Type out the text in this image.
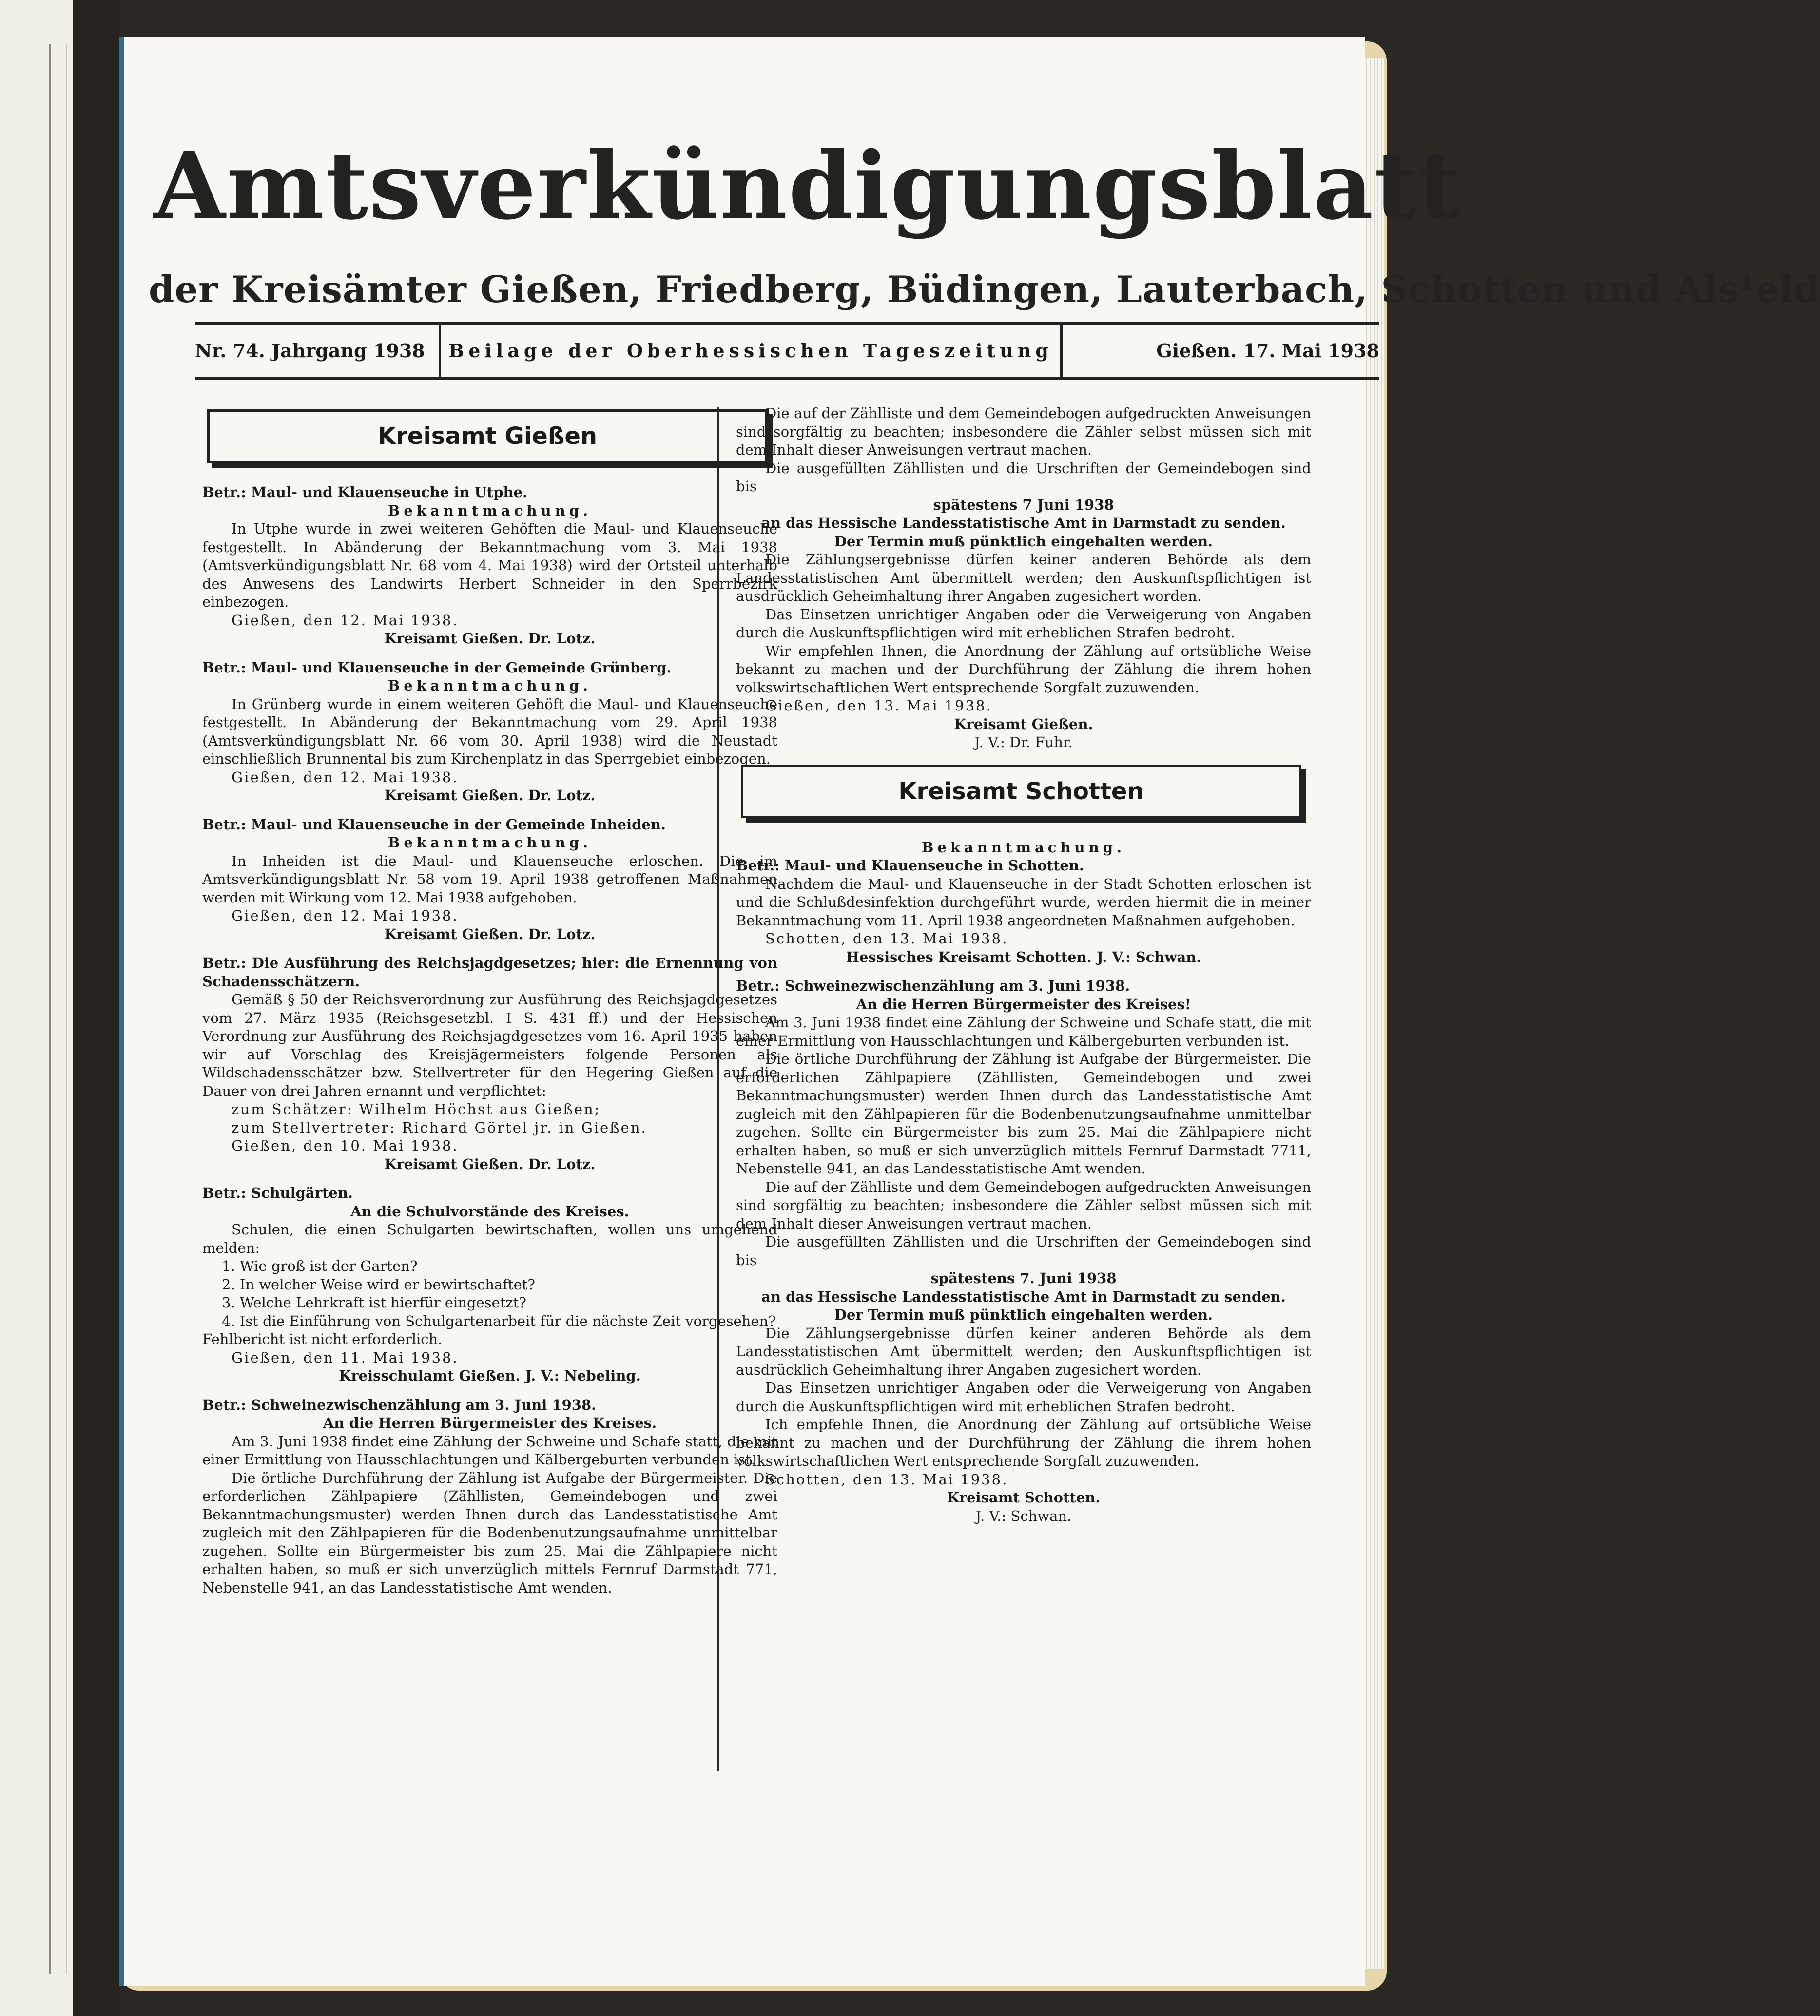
Amtsverkündigungsblatt
der Kreisämter Gießen, Friedberg, Büdingen, Lauterbach, Schotten und Als¹eld
Nr. 74. Jahrgang 1938	Beilage der Oberhessischen Tageszeitung	Gießen. 17. Mai 1938
Kreisamt Gießen

Betr.: Maul- und Klauenseuche in Utphe.

Bekanntmachung.

In Utphe wurde in zwei weiteren Gehöften die Maul- und Klauenseuche festgestellt. In Abänderung der Bekanntmachung vom 3. Mai 1938 (Amtsverkündigungsblatt Nr. 68 vom 4. Mai 1938) wird der Ortsteil unterhalb des Anwesens des Landwirts Herbert Schneider in den Sperrbezirk einbezogen.

Gießen, den 12. Mai 1938.

Kreisamt Gießen. Dr. Lotz.

Betr.: Maul- und Klauenseuche in der Gemeinde Grünberg.

Bekanntmachung.

In Grünberg wurde in einem weiteren Gehöft die Maul- und Klauenseuche festgestellt. In Abänderung der Bekanntmachung vom 29. April 1938 (Amtsverkündigungsblatt Nr. 66 vom 30. April 1938) wird die Neustadt einschließlich Brunnental bis zum Kirchenplatz in das Sperrgebiet einbezogen.

Gießen, den 12. Mai 1938.

Kreisamt Gießen. Dr. Lotz.

Betr.: Maul- und Klauenseuche in der Gemeinde Inheiden.

Bekanntmachung.

In Inheiden ist die Maul- und Klauenseuche erloschen. Die im Amtsverkündigungsblatt Nr. 58 vom 19. April 1938 getroffenen Maßnahmen werden mit Wirkung vom 12. Mai 1938 aufgehoben.

Gießen, den 12. Mai 1938.

Kreisamt Gießen. Dr. Lotz.

Betr.: Die Ausführung des Reichsjagdgesetzes; hier: die Ernennung von Schadensschätzern.

Gemäß § 50 der Reichsverordnung zur Ausführung des Reichsjagdgesetzes vom 27. März 1935 (Reichsgesetzbl. I S. 431 ff.) und der Hessischen Verordnung zur Ausführung des Reichsjagdgesetzes vom 16. April 1935 haben wir auf Vorschlag des Kreisjägermeisters folgende Personen als Wildschadensschätzer bzw. Stellvertreter für den Hegering Gießen auf die Dauer von drei Jahren ernannt und verpflichtet:

zum Schätzer: Wilhelm Höchst aus Gießen;

zum Stellvertreter: Richard Görtel jr. in Gießen.

Gießen, den 10. Mai 1938.

Kreisamt Gießen. Dr. Lotz.

Betr.: Schulgärten.

An die Schulvorstände des Kreises.

Schulen, die einen Schulgarten bewirtschaften, wollen uns umgehend melden:

1. Wie groß ist der Garten?
2. In welcher Weise wird er bewirtschaftet?
3. Welche Lehrkraft ist hierfür eingesetzt?
4. Ist die Einführung von Schulgartenarbeit für die nächste Zeit vorgesehen?

Fehlbericht ist nicht erforderlich.

Gießen, den 11. Mai 1938.

Kreisschulamt Gießen. J. V.: Nebeling.

Betr.: Schweinezwischenzählung am 3. Juni 1938.

An die Herren Bürgermeister des Kreises.

Am 3. Juni 1938 findet eine Zählung der Schweine und Schafe statt, die mit einer Ermittlung von Hausschlachtungen und Kälbergeburten verbunden ist.

Die örtliche Durchführung der Zählung ist Aufgabe der Bürgermeister. Die erforderlichen Zählpapiere (Zähllisten, Gemeindebogen und zwei Bekanntmachungsmuster) werden Ihnen durch das Landesstatistische Amt zugleich mit den Zählpapieren für die Bodenbenutzungsaufnahme unmittelbar zugehen. Sollte ein Bürgermeister bis zum 25. Mai die Zählpapiere nicht erhalten haben, so muß er sich unverzüglich mittels Fernruf Darmstadt 771, Nebenstelle 941, an das Landesstatistische Amt wenden.

Die auf der Zählliste und dem Gemeindebogen aufgedruckten Anweisungen sind sorgfältig zu beachten; insbesondere die Zähler selbst müssen sich mit dem Inhalt dieser Anweisungen vertraut machen.

Die ausgefüllten Zähllisten und die Urschriften der Gemeindebogen sind bis

spätestens 7 Juni 1938

an das Hessische Landesstatistische Amt in Darmstadt zu senden.

Der Termin muß pünktlich eingehalten werden.

Die Zählungsergebnisse dürfen keiner anderen Behörde als dem Landesstatistischen Amt übermittelt werden; den Auskunftspflichtigen ist ausdrücklich Geheimhaltung ihrer Angaben zugesichert worden.

Das Einsetzen unrichtiger Angaben oder die Verweigerung von Angaben durch die Auskunftspflichtigen wird mit erheblichen Strafen bedroht.

Wir empfehlen Ihnen, die Anordnung der Zählung auf ortsübliche Weise bekannt zu machen und der Durchführung der Zählung die ihrem hohen volkswirtschaftlichen Wert entsprechende Sorgfalt zuzuwenden.

Gießen, den 13. Mai 1938.

Kreisamt Gießen.

J. V.: Dr. Fuhr.

Kreisamt Schotten

Bekanntmachung.

Betr.: Maul- und Klauenseuche in Schotten.

Nachdem die Maul- und Klauenseuche in der Stadt Schotten erloschen ist und die Schlußdesinfektion durchgeführt wurde, werden hiermit die in meiner Bekanntmachung vom 11. April 1938 angeordneten Maßnahmen aufgehoben.

Schotten, den 13. Mai 1938.

Hessisches Kreisamt Schotten. J. V.: Schwan.

Betr.: Schweinezwischenzählung am 3. Juni 1938.

An die Herren Bürgermeister des Kreises!

Am 3. Juni 1938 findet eine Zählung der Schweine und Schafe statt, die mit einer Ermittlung von Hausschlachtungen und Kälbergeburten verbunden ist.

Die örtliche Durchführung der Zählung ist Aufgabe der Bürgermeister. Die erforderlichen Zählpapiere (Zähllisten, Gemeindebogen und zwei Bekanntmachungsmuster) werden Ihnen durch das Landesstatistische Amt zugleich mit den Zählpapieren für die Bodenbenutzungsaufnahme unmittelbar zugehen. Sollte ein Bürgermeister bis zum 25. Mai die Zählpapiere nicht erhalten haben, so muß er sich unverzüglich mittels Fernruf Darmstadt 7711, Nebenstelle 941, an das Landesstatistische Amt wenden.

Die auf der Zählliste und dem Gemeindebogen aufgedruckten Anweisungen sind sorgfältig zu beachten; insbesondere die Zähler selbst müssen sich mit dem Inhalt dieser Anweisungen vertraut machen.

Die ausgefüllten Zähllisten und die Urschriften der Gemeindebogen sind bis

spätestens 7. Juni 1938

an das Hessische Landesstatistische Amt in Darmstadt zu senden.

Der Termin muß pünktlich eingehalten werden.

Die Zählungsergebnisse dürfen keiner anderen Behörde als dem Landesstatistischen Amt übermittelt werden; den Auskunftspflichtigen ist ausdrücklich Geheimhaltung ihrer Angaben zugesichert worden.

Das Einsetzen unrichtiger Angaben oder die Verweigerung von Angaben durch die Auskunftspflichtigen wird mit erheblichen Strafen bedroht.

Ich empfehle Ihnen, die Anordnung der Zählung auf ortsübliche Weise bekannt zu machen und der Durchführung der Zählung die ihrem hohen volkswirtschaftlichen Wert entsprechende Sorgfalt zuzuwenden.

Schotten, den 13. Mai 1938.

Kreisamt Schotten.

J. V.: Schwan.
